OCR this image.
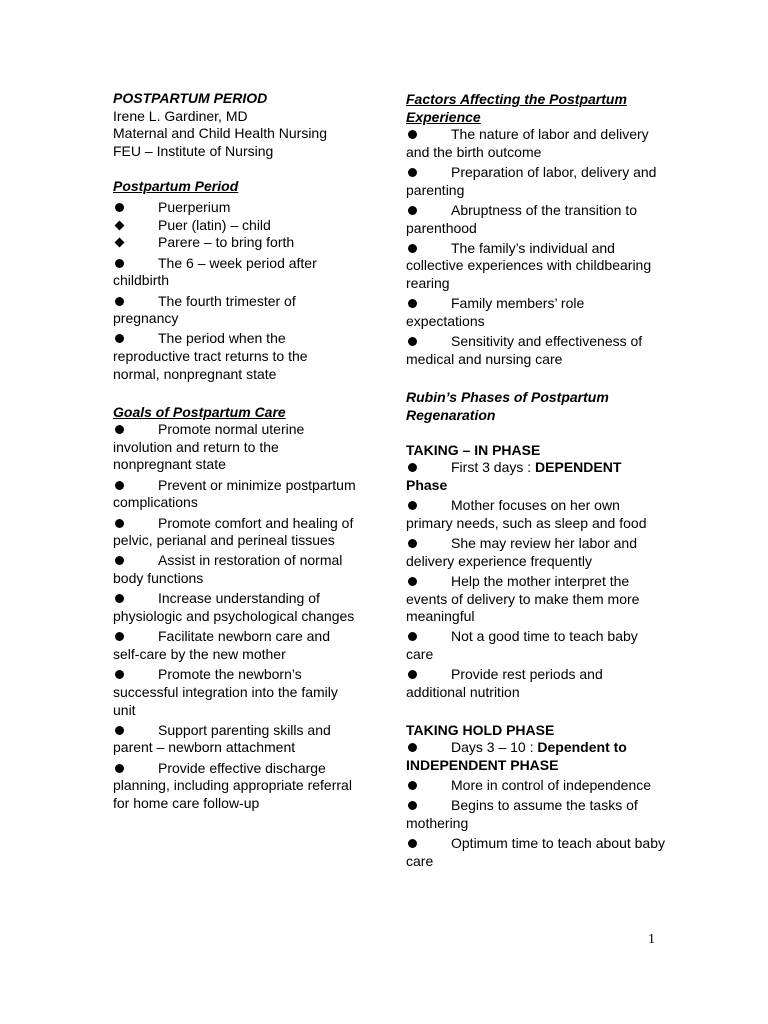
POSTPARTUM PERIOD
Irene L. Gardiner, MD
Maternal and Child Health Nursing
FEU – Institute of Nursing
Postpartum Period
Puerperium
Puer (latin) – child
Parere – to bring forth
The 6 – week period after childbirth
The fourth trimester of pregnancy
The period when the reproductive tract returns to the normal, nonpregnant state
Goals of Postpartum Care
Promote normal uterine involution and return to the nonpregnant state
Prevent or minimize postpartum complications
Promote comfort and healing of pelvic, perianal and perineal tissues
Assist in restoration of normal body functions
Increase understanding of physiologic and psychological changes
Facilitate newborn care and self-care by the new mother
Promote the newborn’s successful integration into the family unit
Support parenting skills and parent – newborn attachment
Provide effective discharge planning, including appropriate referral for home care follow-up
Factors Affecting the Postpartum Experience
The nature of labor and delivery and the birth outcome
Preparation of labor, delivery and parenting
Abruptness of the transition to parenthood
The family’s individual and collective experiences with childbearing rearing
Family members’ role expectations
Sensitivity and effectiveness of medical and nursing care
Rubin’s Phases of Postpartum Regenaration
TAKING – IN PHASE
First 3 days : DEPENDENT Phase
Mother focuses on her own primary needs, such as sleep and food
She may review her labor and delivery experience frequently
Help the mother interpret the events of delivery to make them more meaningful
Not a good time to teach baby care
Provide rest periods and additional nutrition
TAKING HOLD PHASE
Days 3 – 10 : Dependent to INDEPENDENT PHASE
More in control of independence
Begins to assume the tasks of mothering
Optimum time to teach about baby care
1
